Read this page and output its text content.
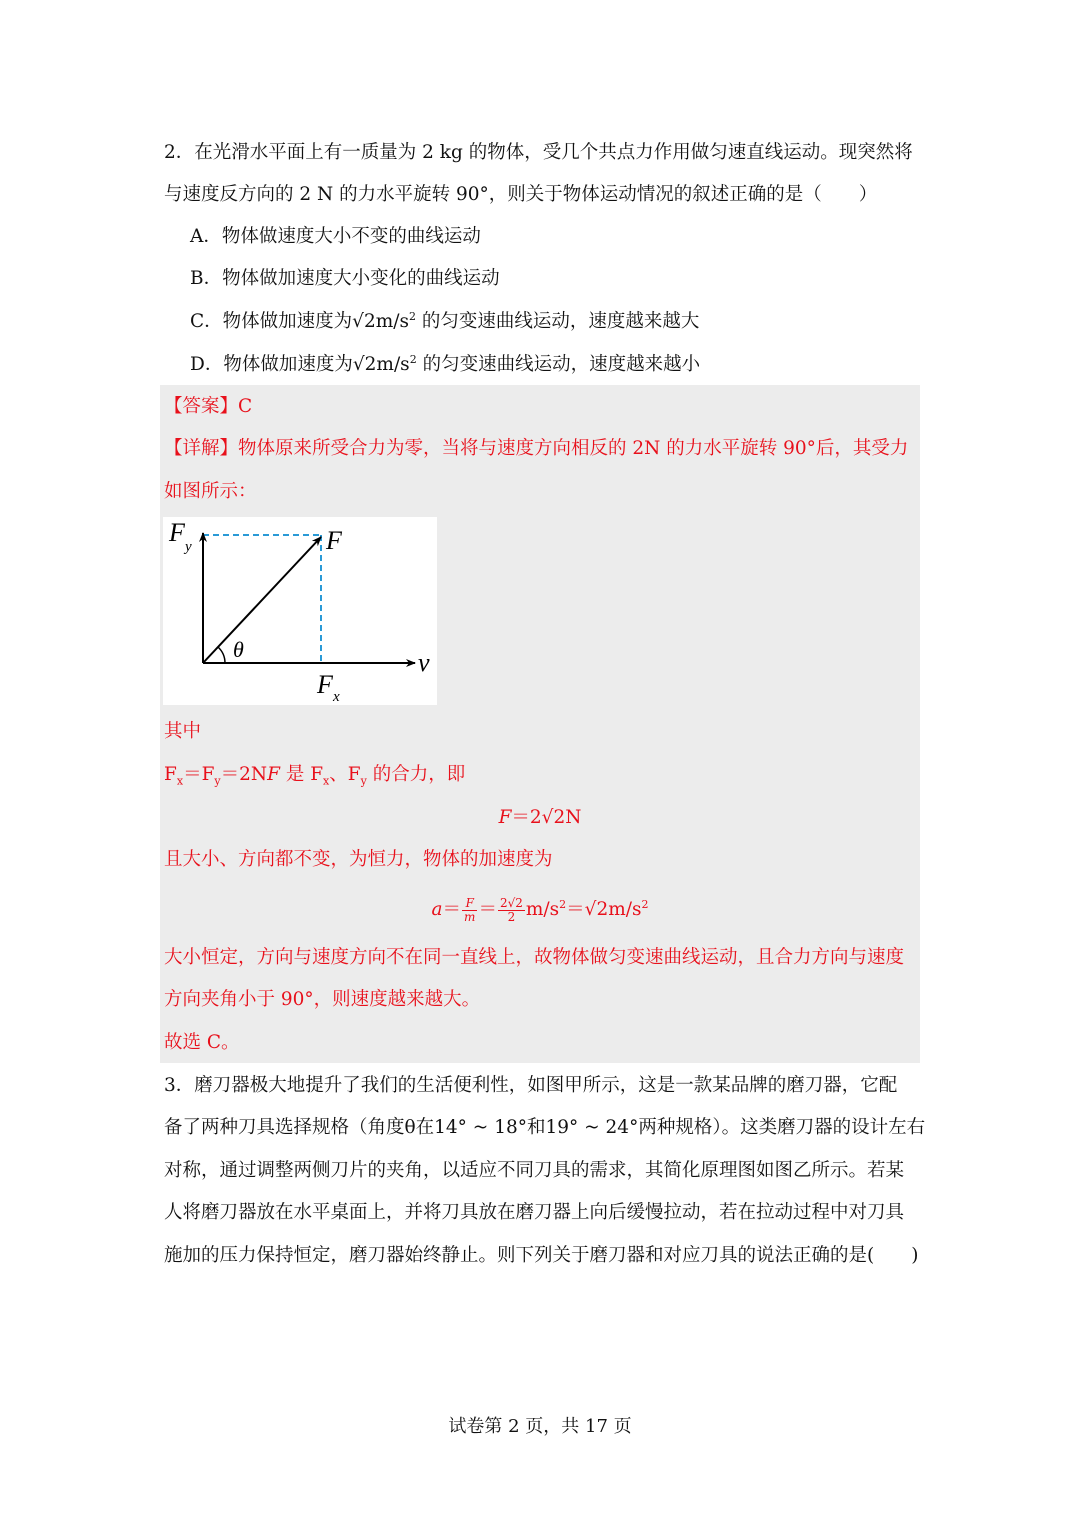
2．在光滑水平面上有一质量为 2 kg 的物体，受几个共点力作用做匀速直线运动。现突然将
与速度反方向的 2 N 的力水平旋转 90°，则关于物体运动情况的叙述正确的是（　　）
A．物体做速度大小不变的曲线运动
B．物体做加速度大小变化的曲线运动
C．物体做加速度为$√2m/s^2$ 的匀变速曲线运动，速度越来越大
D．物体做加速度为$√2m/s^2$ 的匀变速曲线运动，速度越来越小
【答案】C
【详解】物体原来所受合力为零，当将与速度方向相反的 2N 的力水平旋转 90°后，其受力
如图所示：
F y	F
θ	v
F x
其中
$F_x=F_y=2NF$ 是 $F_x$、$F_y$ 的合力，即
F＝2√2N
且大小、方向都不变，为恒力，物体的加速度为
$a= \frac{F}{m} = \frac{2√2}{2} m/s^2=√2m/s^2$
大小恒定，方向与速度方向不在同一直线上，故物体做匀变速曲线运动，且合力方向与速度
方向夹角小于 90°，则速度越来越大。
故选 C。
3．磨刀器极大地提升了我们的生活便利性，如图甲所示，这是一款某品牌的磨刀器，它配
备了两种刀具选择规格（角度θ在14° ~ 18°和19° ~ 24°两种规格）。这类磨刀器的设计左右
对称，通过调整两侧刀片的夹角，以适应不同刀具的需求，其简化原理图如图乙所示。若某
人将磨刀器放在水平桌面上，并将刀具放在磨刀器上向后缓慢拉动，若在拉动过程中对刀具
施加的压力保持恒定，磨刀器始终静止。则下列关于磨刀器和对应刀具的说法正确的是(　　)
试卷第 2 页，共 17 页
